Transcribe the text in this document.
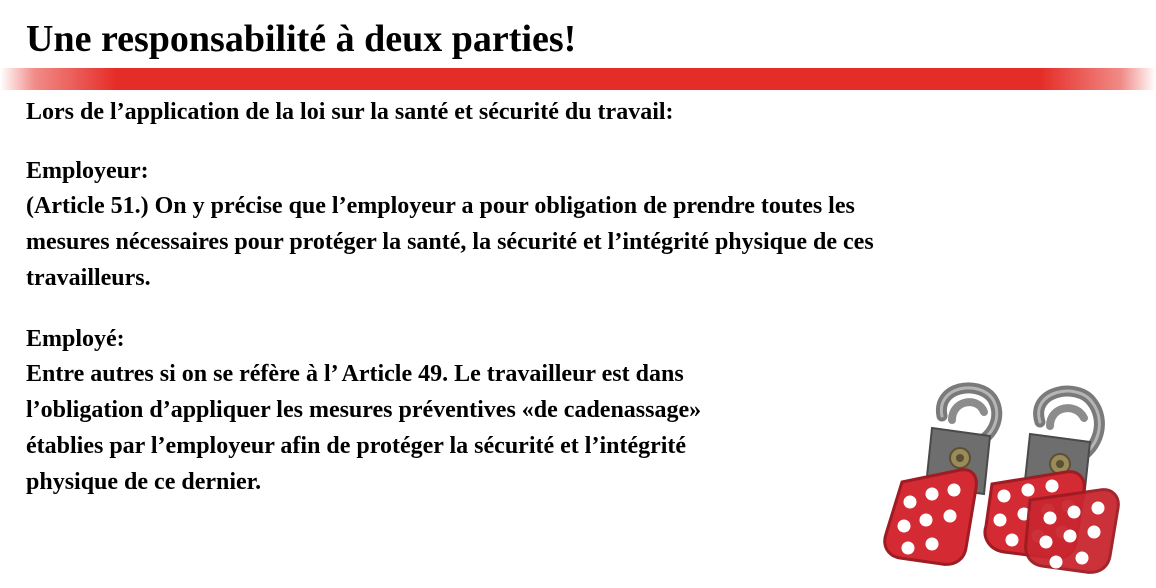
Une responsabilité à deux parties!
Lors de l’application de la loi sur la santé et sécurité du travail:
Employeur:
(Article 51.) On y précise que l’employeur a pour obligation de prendre toutes les
mesures nécessaires pour protéger la santé, la sécurité et l’intégrité physique de ces
travailleurs.
Employé:
Entre autres si on se réfère à l’ Article 49. Le travailleur est dans
l’obligation d’appliquer les mesures préventives «de cadenassage»
établies par l’employeur afin de protéger la sécurité et l’intégrité
physique de ce dernier.
